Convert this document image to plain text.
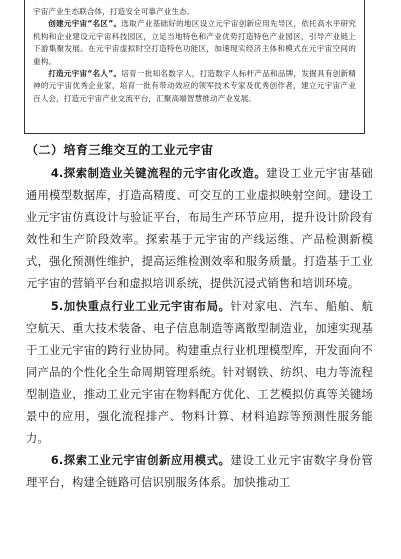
宇宙产业生态联合体，打造安全可靠产业生态。

创建元宇宙“名区”。选取产业基础好的地区设立元宇宙创新应用先导区，依托高水平研究机构和企业建设元宇宙科技园区，立足当地特色和产业优势打造特色产业园区，引导产业链上下游集聚发展。在元宇宙虚拟时空打造特色功能区，加速现实经济主体和模式在元宇宙空间的重构。

打造元宇宙“名人”。培育一批知名数字人，打造数字人标杆产品和品牌，发掘具有创新精神的元宇宙优秀企业家，培育一批有带动效应的领军技术专家及优秀创作者，建立元宇宙产业百人会，打造元宇宙产业交流平台，汇聚高端智慧推动产业发展。

（二）培育三维交互的工业元宇宙

4.探索制造业关键流程的元宇宙化改造。建设工业元宇宙基础通用模型数据库，打造高精度、可交互的工业虚拟映射空间。建设工业元宇宙仿真设计与验证平台，布局生产环节应用，提升设计阶段有效性和生产阶段效率。探索基于元宇宙的产线运维、产品检测新模式，强化预测性维护，提高运维检测效率和服务质量。打造基于工业元宇宙的营销平台和虚拟培训系统，提供沉浸式销售和培训环境。

5.加快重点行业工业元宇宙布局。针对家电、汽车、船舶、航空航天、重大技术装备、电子信息制造等离散型制造业，加速实现基于工业元宇宙的跨行业协同。构建重点行业机理模型库，开发面向不同产品的个性化全生命周期管理系统。针对钢铁、纺织、电力等流程型制造业，推动工业元宇宙在物料配方优化、工艺模拟仿真等关键场景中的应用，强化流程排产、物料计算、材料追踪等预测性服务能力。

6.探索工业元宇宙创新应用模式。建设工业元宇宙数字身份管理平台，构建全链路可信识别服务体系。加快推动工
